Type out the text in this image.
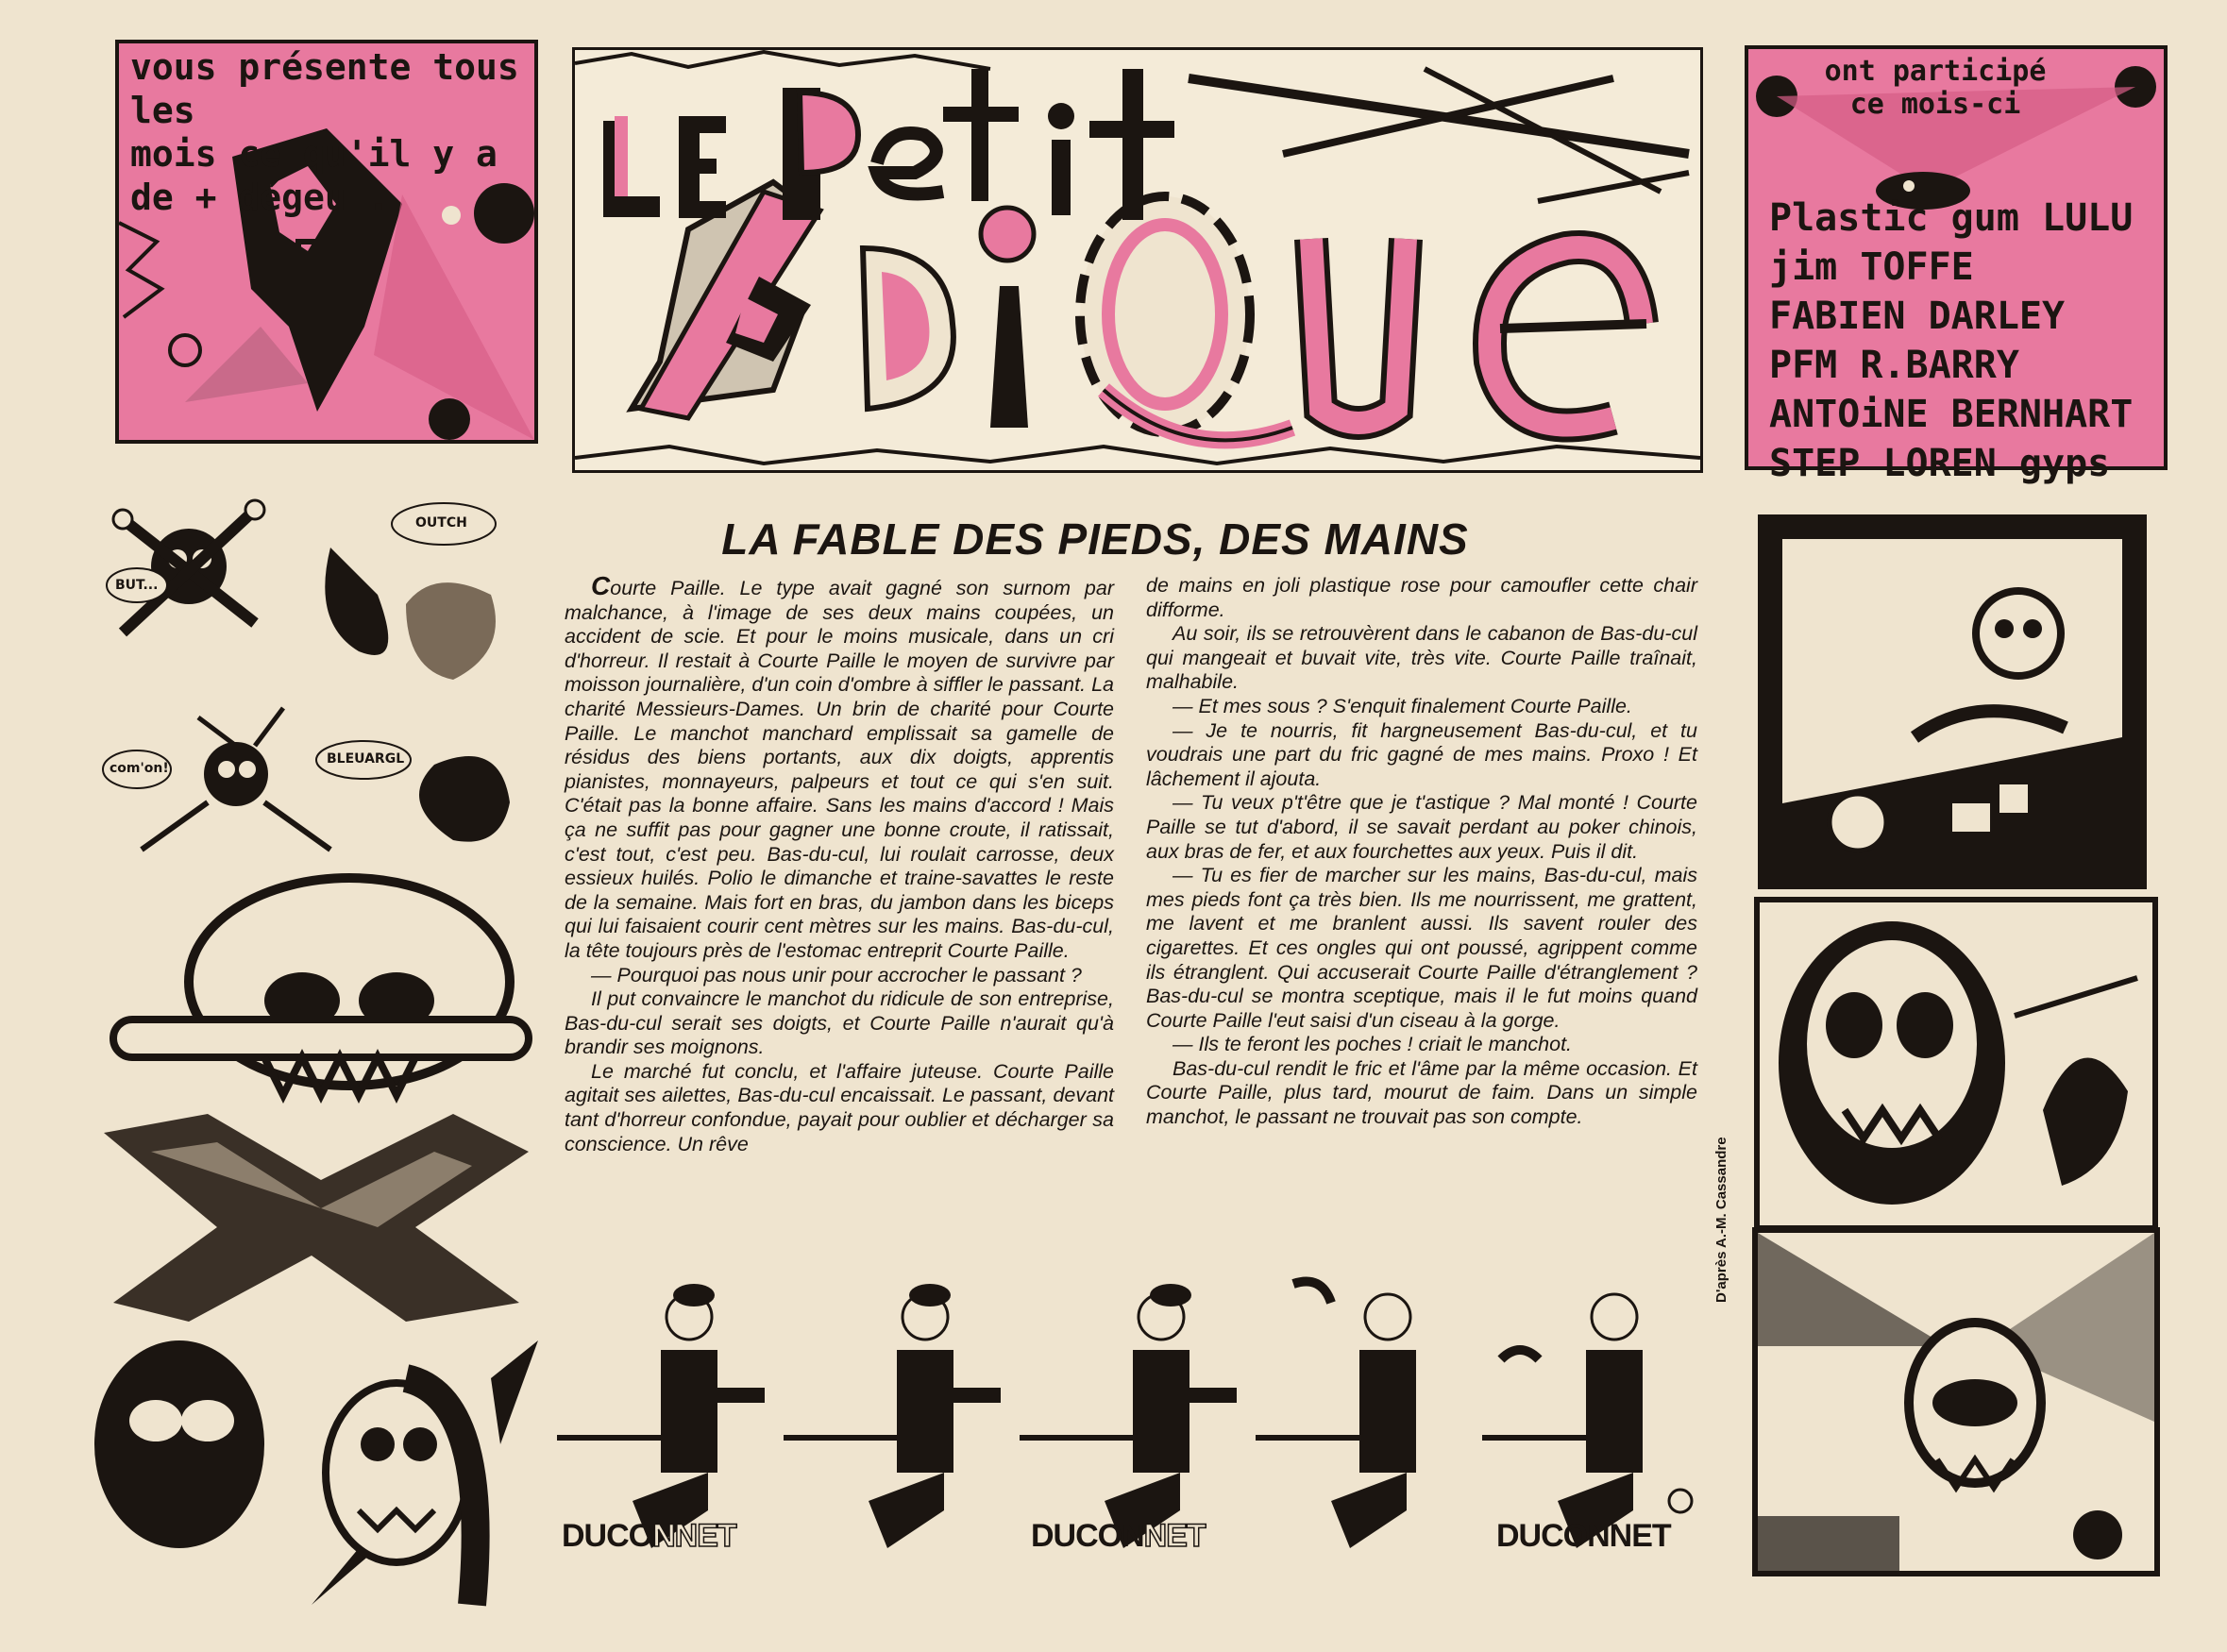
vous présente tous les
mois ce qu'il y a
de + dégeu .
ont participé
ce mois-ci
Plastic gum LULU
jim TOFFE
FABIEN DARLEY
PFM R.BARRY
ANTOiNE BERNHART
STEP LOREN gyps
BUT...
OUTCH
com'on!
BLEUARGL
LA FABLE DES PIEDS, DES MAINS

Courte Paille. Le type avait gagné son surnom par malchance, à l'image de ses deux mains coupées, un accident de scie. Et pour le moins musicale, dans un cri d'horreur. Il restait à Courte Paille le moyen de survivre par moisson journalière, d'un coin d'ombre à siffler le passant. La charité Messieurs-Dames. Un brin de charité pour Courte Paille. Le manchot manchard emplissait sa gamelle de résidus des biens portants, aux dix doigts, apprentis pianistes, monnayeurs, palpeurs et tout ce qui s'en suit. C'était pas la bonne affaire. Sans les mains d'accord ! Mais ça ne suffit pas pour gagner une bonne croute, il ratissait, c'est tout, c'est peu. Bas-du-cul, lui roulait carrosse, deux essieux huilés. Polio le dimanche et traine-savattes le reste de la semaine. Mais fort en bras, du jambon dans les biceps qui lui faisaient courir cent mètres sur les mains. Bas-du-cul, la tête toujours près de l'estomac entreprit Courte Paille.

— Pourquoi pas nous unir pour accrocher le passant ?

Il put convaincre le manchot du ridicule de son entreprise, Bas-du-cul serait ses doigts, et Courte Paille n'aurait qu'à brandir ses moignons.

Le marché fut conclu, et l'affaire juteuse. Courte Paille agitait ses ailettes, Bas-du-cul encaissait. Le passant, devant tant d'horreur confondue, payait pour oublier et décharger sa conscience. Un rêve

de mains en joli plastique rose pour camoufler cette chair difforme.

Au soir, ils se retrouvèrent dans le cabanon de Bas-du-cul qui mangeait et buvait vite, très vite. Courte Paille traînait, malhabile.

— Et mes sous ? S'enquit finalement Courte Paille.

— Je te nourris, fit hargneusement Bas-du-cul, et tu voudrais une part du fric gagné de mes mains. Proxo ! Et lâchement il ajouta.

— Tu veux p't'être que je t'astique ? Mal monté ! Courte Paille se tut d'abord, il se savait perdant au poker chinois, aux bras de fer, et aux fourchettes aux yeux. Puis il dit.

— Tu es fier de marcher sur les mains, Bas-du-cul, mais mes pieds font ça très bien. Ils me nourrissent, me grattent, me lavent et me branlent aussi. Ils savent rouler des cigarettes. Et ces ongles qui ont poussé, agrippent comme ils étranglent. Qui accuserait Courte Paille d'étranglement ? Bas-du-cul se montra sceptique, mais il le fut moins quand Courte Paille l'eut saisi d'un ciseau à la gorge.

— Ils te feront les poches ! criait le manchot.

Bas-du-cul rendit le fric et l'âme par la même occasion. Et Courte Paille, plus tard, mourut de faim. Dans un simple manchot, le passant ne trouvait pas son compte.

D'après A.-M. Cassandre
DUCONNET	DUCONNET	DUCONNET
